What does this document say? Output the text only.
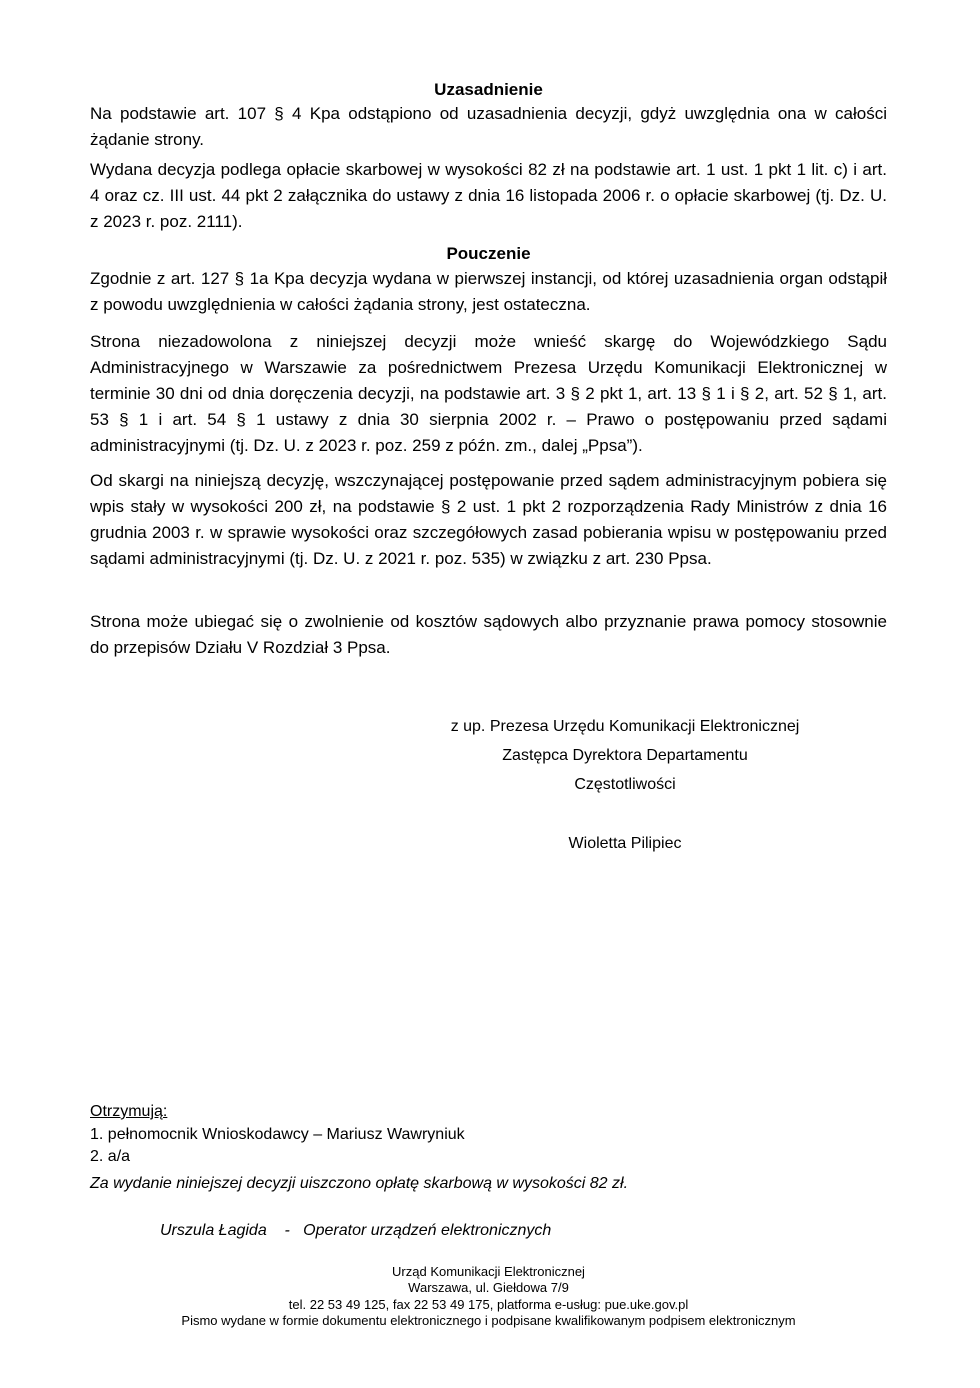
Uzasadnienie

Na podstawie art. 107 § 4 Kpa odstąpiono od uzasadnienia decyzji, gdyż uwzględnia ona w całości żądanie strony.

Wydana decyzja podlega opłacie skarbowej w wysokości 82 zł na podstawie art. 1 ust. 1 pkt 1 lit. c) i art. 4 oraz cz. III ust. 44 pkt 2 załącznika do ustawy z dnia 16 listopada 2006 r. o opłacie skarbowej (tj. Dz. U. z 2023 r. poz. 2111).

Pouczenie

Zgodnie z art. 127 § 1a Kpa decyzja wydana w pierwszej instancji, od której uzasadnienia organ odstąpił z powodu uwzględnienia w całości żądania strony, jest ostateczna.

Strona niezadowolona z niniejszej decyzji może wnieść skargę do Wojewódzkiego Sądu Administracyjnego w Warszawie za pośrednictwem Prezesa Urzędu Komunikacji Elektronicznej w terminie 30 dni od dnia doręczenia decyzji, na podstawie art. 3 § 2 pkt 1, art. 13 § 1 i § 2, art. 52 § 1, art. 53 § 1 i art. 54 § 1 ustawy z dnia 30 sierpnia 2002 r. – Prawo o postępowaniu przed sądami administracyjnymi (tj. Dz. U. z 2023 r. poz. 259 z późn. zm., dalej „Ppsa”).

Od skargi na niniejszą decyzję, wszczynającej postępowanie przed sądem administracyjnym pobiera się wpis stały w wysokości 200 zł, na podstawie § 2 ust. 1 pkt 2 rozporządzenia Rady Ministrów z dnia 16 grudnia 2003 r. w sprawie wysokości oraz szczegółowych zasad pobierania wpisu w postępowaniu przed sądami administracyjnymi (tj. Dz. U. z 2021 r. poz. 535) w związku z art. 230 Ppsa.

Strona może ubiegać się o zwolnienie od kosztów sądowych albo przyznanie prawa pomocy stosownie do przepisów Działu V Rozdział 3 Ppsa.

z up. Prezesa Urzędu Komunikacji Elektronicznej
Zastępca Dyrektora Departamentu
Częstotliwości
Wioletta Pilipiec
Otrzymują:
1. pełnomocnik Wnioskodawcy – Mariusz Wawryniuk
2. a/a
Za wydanie niniejszej decyzji uiszczono opłatę skarbową w wysokości 82 zł.
Urszula Łagida    -   Operator urządzeń elektronicznych
Urząd Komunikacji Elektronicznej
Warszawa, ul. Giełdowa 7/9
tel. 22 53 49 125, fax 22 53 49 175, platforma e-usług: pue.uke.gov.pl
Pismo wydane w formie dokumentu elektronicznego i podpisane kwalifikowanym podpisem elektronicznym
